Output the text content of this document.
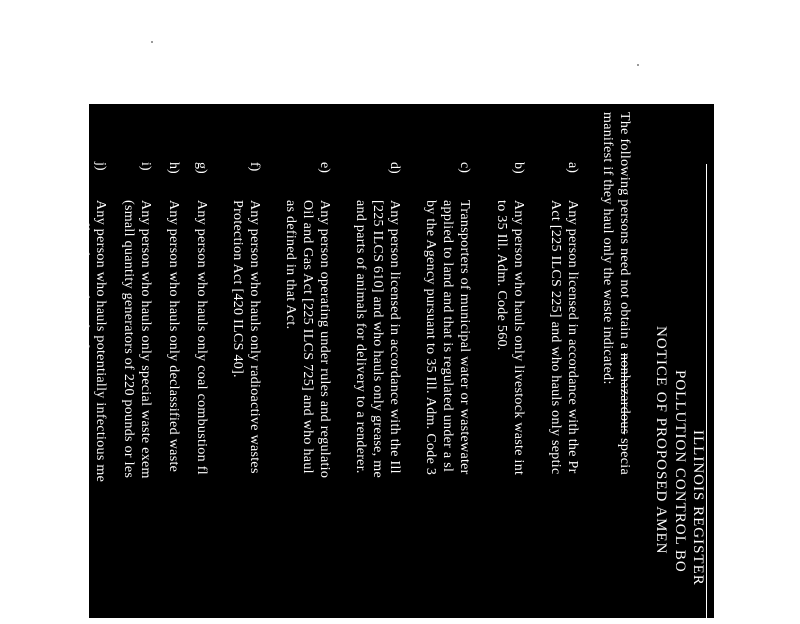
ILLINOIS REGISTER
POLLUTION CONTROL BO
NOTICE OF PROPOSED AMEN
The following persons need not obtain a nonhazardous specia
manifest if they haul only the waste indicated:
a)
Any person licensed in accordance with the Pr
Act [225 ILCS 225] and who hauls only septic
b)
Any person who hauls only livestock waste int
to 35 Ill. Adm. Code 560.
c)
Transporters of municipal water or wastewater
applied to land and that is regulated under a sl
by the Agency pursuant to 35 Ill. Adm. Code 3
d)
Any person licensed in accordance with the Ill
[225 ILCS 610] and who hauls only grease, me
and parts of animals for delivery to a renderer.
e)
Any person operating under rules and regulatio
Oil and Gas Act [225 ILCS 725] and who haul
as defined in that Act.
f)
Any person who hauls only radioactive wastes
Protection Act [420 ILCS 40].
g)
Any person who hauls only coal combustion fl
h)
Any person who hauls only declassified waste
i)
Any person who hauls only special waste exem
(small quantity generators of 220 pounds or les
j)
Any person who hauls potentially infectious me
35 Ill. Adm. Code Subtitle M.
k)
Any person who hauls used tires regulated und
(Source: Amended at 36 Ill. Reg. , effective
